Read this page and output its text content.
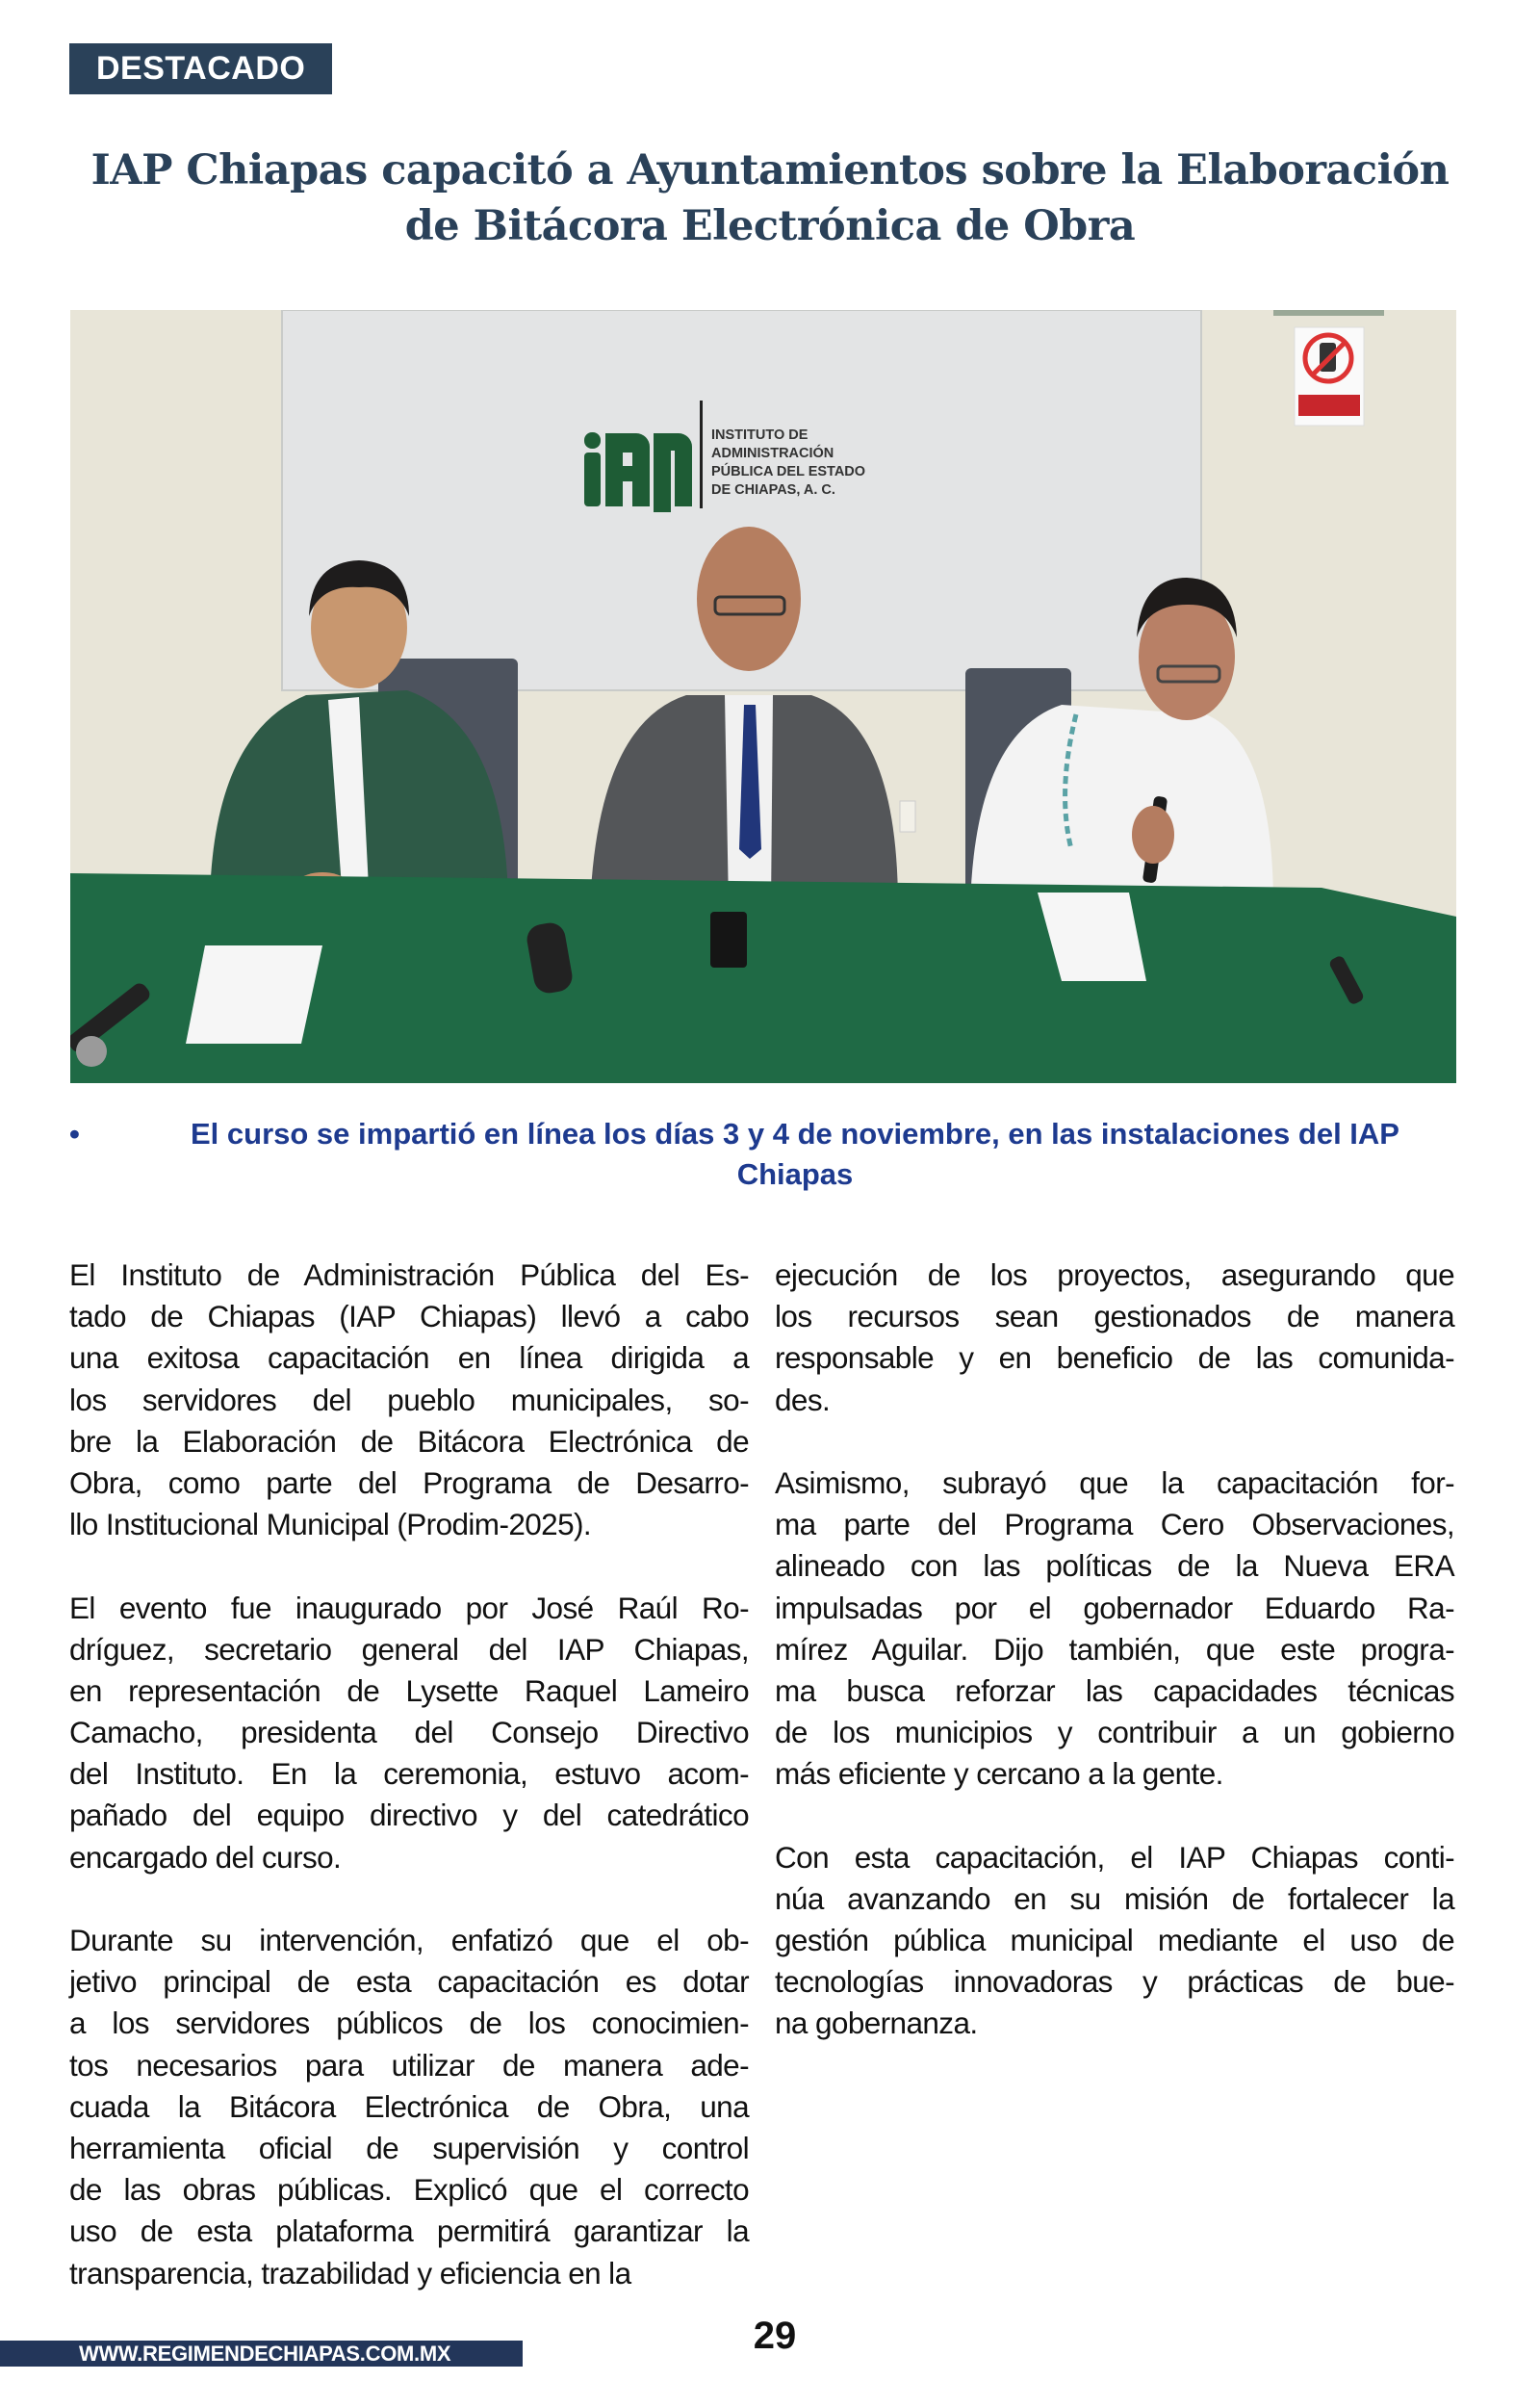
DESTACADO
IAP Chiapas capacitó a Ayuntamientos sobre la Elaboración
de Bitácora Electrónica de Obra
INSTITUTO DE
ADMINISTRACIÓN
PÚBLICA DEL ESTADO
DE CHIAPAS, A. C.
•	El curso se impartió en línea los días 3 y 4 de noviembre, en las instalaciones del IAP Chiapas
El Instituto de Administración Pública del Es-
tado de Chiapas (IAP Chiapas) llevó a cabo
una exitosa capacitación en línea dirigida a
los servidores del pueblo municipales, so-
bre la Elaboración de Bitácora Electrónica de
Obra, como parte del Programa de Desarro-
llo Institucional Municipal (Prodim-2025).
El evento fue inaugurado por José Raúl Ro-
dríguez, secretario general del IAP Chiapas,
en representación de Lysette Raquel Lameiro
Camacho, presidenta del Consejo Directivo
del Instituto. En la ceremonia, estuvo acom-
pañado del equipo directivo y del catedrático
encargado del curso.
Durante su intervención, enfatizó que el ob-
jetivo principal de esta capacitación es dotar
a los servidores públicos de los conocimien-
tos necesarios para utilizar de manera ade-
cuada la Bitácora Electrónica de Obra, una
herramienta oficial de supervisión y control
de las obras públicas. Explicó que el correcto
uso de esta plataforma permitirá garantizar la
transparencia, trazabilidad y eficiencia en la
ejecución de los proyectos, asegurando que
los recursos sean gestionados de manera
responsable y en beneficio de las comunida-
des.
Asimismo, subrayó que la capacitación for-
ma parte del Programa Cero Observaciones,
alineado con las políticas de la Nueva ERA
impulsadas por el gobernador Eduardo Ra-
mírez Aguilar. Dijo también, que este progra-
ma busca reforzar las capacidades técnicas
de los municipios y contribuir a un gobierno
más eficiente y cercano a la gente.
Con esta capacitación, el IAP Chiapas conti-
núa avanzando en su misión de fortalecer la
gestión pública municipal mediante el uso de
tecnologías innovadoras y prácticas de bue-
na gobernanza.
WWW.REGIMENDECHIAPAS.COM.MX	29
